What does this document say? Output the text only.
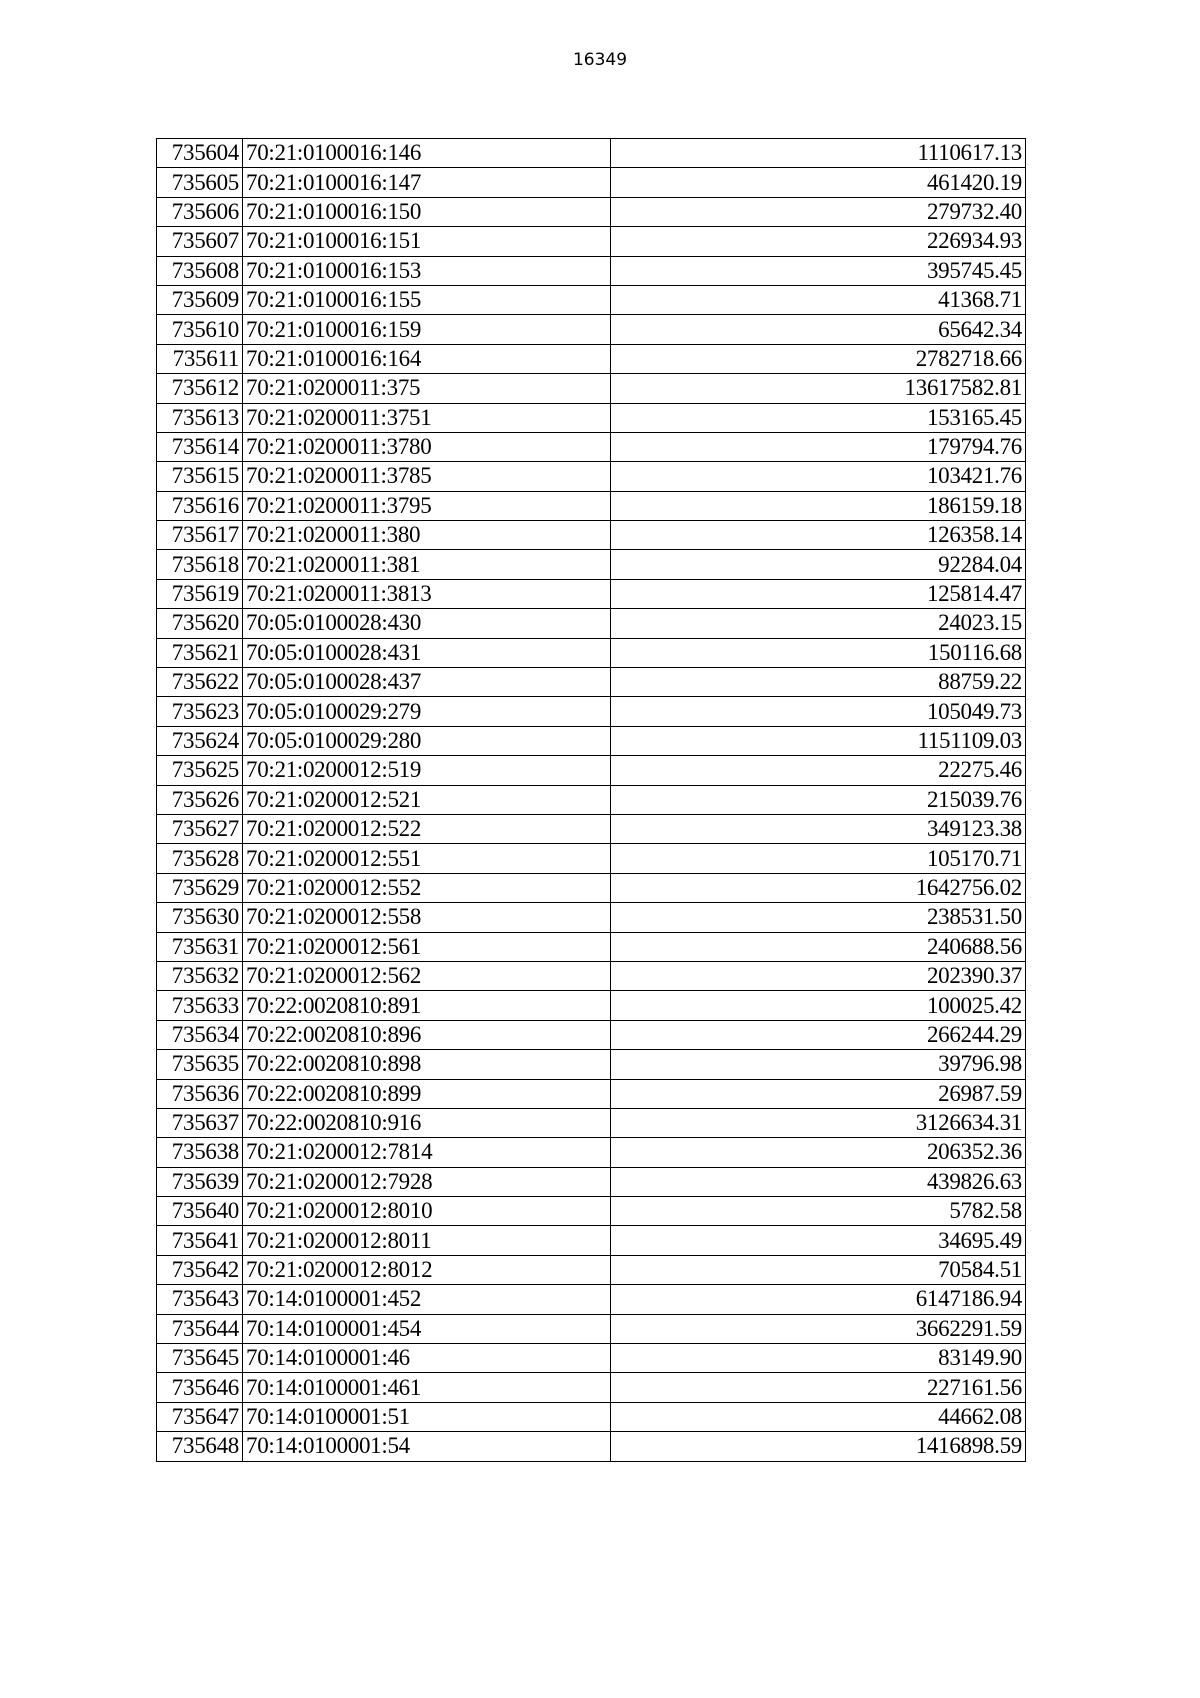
16349
735604	70:21:0100016:146	1110617.13
735605	70:21:0100016:147	461420.19
735606	70:21:0100016:150	279732.40
735607	70:21:0100016:151	226934.93
735608	70:21:0100016:153	395745.45
735609	70:21:0100016:155	41368.71
735610	70:21:0100016:159	65642.34
735611	70:21:0100016:164	2782718.66
735612	70:21:0200011:375	13617582.81
735613	70:21:0200011:3751	153165.45
735614	70:21:0200011:3780	179794.76
735615	70:21:0200011:3785	103421.76
735616	70:21:0200011:3795	186159.18
735617	70:21:0200011:380	126358.14
735618	70:21:0200011:381	92284.04
735619	70:21:0200011:3813	125814.47
735620	70:05:0100028:430	24023.15
735621	70:05:0100028:431	150116.68
735622	70:05:0100028:437	88759.22
735623	70:05:0100029:279	105049.73
735624	70:05:0100029:280	1151109.03
735625	70:21:0200012:519	22275.46
735626	70:21:0200012:521	215039.76
735627	70:21:0200012:522	349123.38
735628	70:21:0200012:551	105170.71
735629	70:21:0200012:552	1642756.02
735630	70:21:0200012:558	238531.50
735631	70:21:0200012:561	240688.56
735632	70:21:0200012:562	202390.37
735633	70:22:0020810:891	100025.42
735634	70:22:0020810:896	266244.29
735635	70:22:0020810:898	39796.98
735636	70:22:0020810:899	26987.59
735637	70:22:0020810:916	3126634.31
735638	70:21:0200012:7814	206352.36
735639	70:21:0200012:7928	439826.63
735640	70:21:0200012:8010	5782.58
735641	70:21:0200012:8011	34695.49
735642	70:21:0200012:8012	70584.51
735643	70:14:0100001:452	6147186.94
735644	70:14:0100001:454	3662291.59
735645	70:14:0100001:46	83149.90
735646	70:14:0100001:461	227161.56
735647	70:14:0100001:51	44662.08
735648	70:14:0100001:54	1416898.59
